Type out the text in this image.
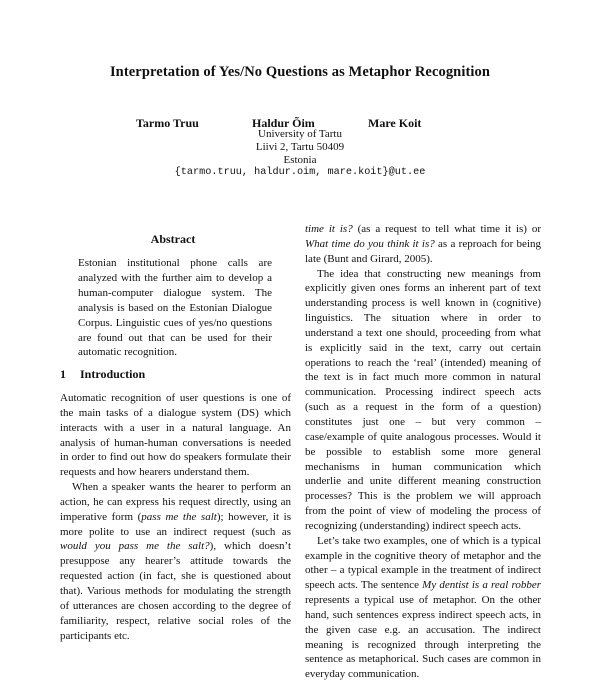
Interpretation of Yes/No Questions as Metaphor Recognition
Tarmo Truu	Haldur Õim	Mare Koit
University of Tartu
Liivi 2, Tartu 50409
Estonia
{tarmo.truu, haldur.oim, mare.koit}@ut.ee
Abstract
Estonian institutional phone calls are analyzed with the further aim to develop a human-computer dialogue system. The analysis is based on the Estonian Dialogue Corpus. Linguistic cues of yes/no questions are found out that can be used for their automatic recognition.
1 Introduction

Automatic recognition of user questions is one of the main tasks of a dialogue system (DS) which interacts with a user in a natural language. An analysis of human-human conversations is needed in order to find out how do speakers formulate their requests and how hearers understand them.

When a speaker wants the hearer to perform an action, he can express his request directly, using an imperative form (pass me the salt); however, it is more polite to use an indirect request (such as would you pass me the salt?), which doesn’t presuppose any hearer’s attitude towards the requested action (in fact, she is questioned about that). Various methods for modulating the strength of utterances are chosen according to the degree of familiarity, respect, relative social roles of the participants etc.

time it is? (as a request to tell what time it is) or What time do you think it is? as a reproach for being late (Bunt and Girard, 2005).

The idea that constructing new meanings from explicitly given ones forms an inherent part of text understanding process is well known in (cognitive) linguistics. The situation where in order to understand a text one should, proceeding from what is explicitly said in the text, carry out certain operations to reach the ‘real’ (intended) meaning of the text is in fact much more common in natural communication. Processing indirect speech acts (such as a request in the form of a question) constitutes just one – but very common – case/example of quite analogous processes. Would it be possible to establish some more general mechanisms in human communication which underlie and unite different meaning construction processes? This is the problem we will approach from the point of view of modeling the process of recognizing (understanding) indirect speech acts.

Let’s take two examples, one of which is a typical example in the cognitive theory of metaphor and the other – a typical example in the treatment of indirect speech acts. The sentence My dentist is a real robber represents a typical use of metaphor. On the other hand, such sentences express indirect speech acts, in the given case e.g. an accusation. The indirect meaning is recognized through interpreting the sentence as metaphorical. Such cases are common in everyday communication.
